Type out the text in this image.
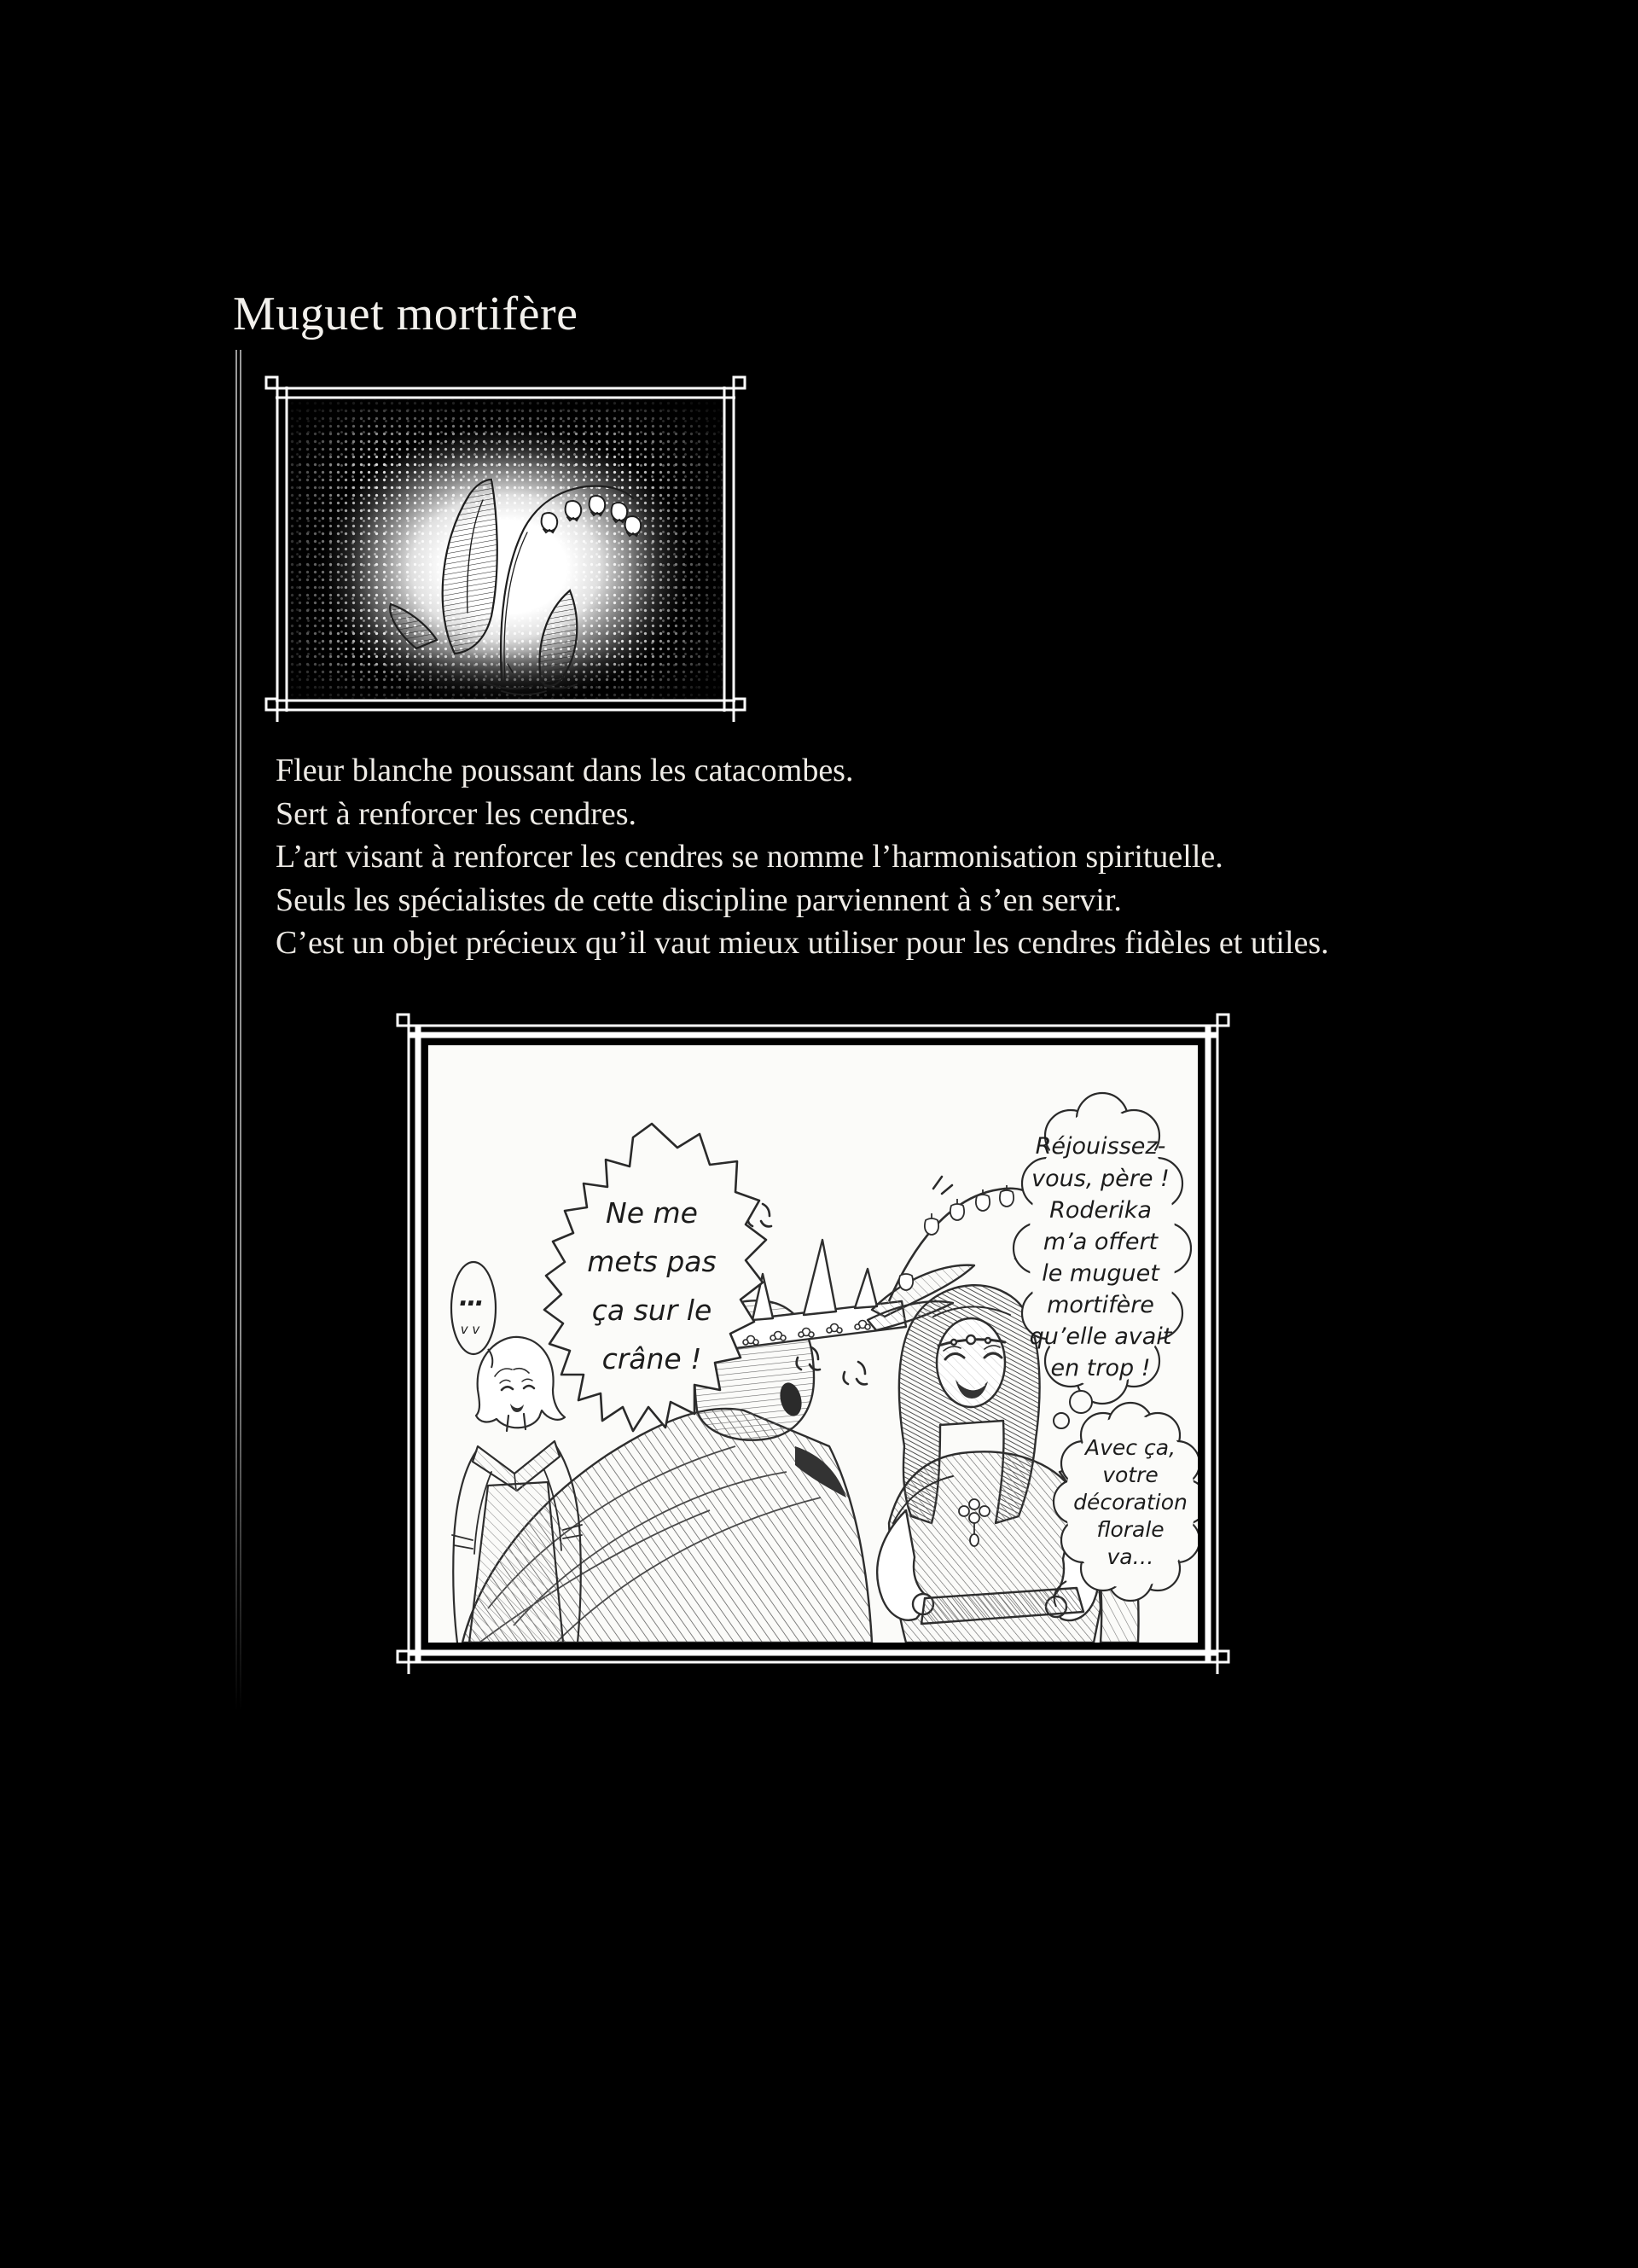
Muguet mortifère

Fleur blanche poussant dans les catacombes.

Sert à renforcer les cendres.

L’art visant à renforcer les cendres se nomme l’harmonisation spirituelle.

Seuls les spécialistes de cette discipline parviennent à s’en servir.

C’est un objet précieux qu’il vaut mieux utiliser pour les cendres fidèles et utiles.

…
v v
Ne me
mets pas
ça sur le
crâne !
Réjouissez-
vous, père !
Roderika
m’a offert
le muguet
mortifère
qu’elle avait
en trop !
Avec ça,
votre
décoration
florale
va…
